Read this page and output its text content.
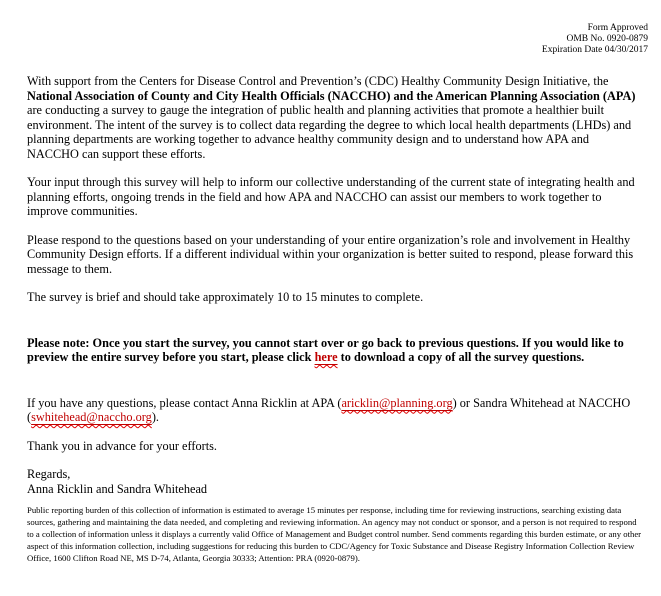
Form Approved
OMB No. 0920-0879
Expiration Date 04/30/2017

With support from the Centers for Disease Control and Prevention’s (CDC) Healthy Community Design Initiative, the National Association of County and City Health Officials (NACCHO) and the American Planning Association (APA) are conducting a survey to gauge the integration of public health and planning activities that promote a healthier built environment. The intent of the survey is to collect data regarding the degree to which local health departments (LHDs) and planning departments are working together to advance healthy community design and to understand how APA and NACCHO can support these efforts.

Your input through this survey will help to inform our collective understanding of the current state of integrating health and planning efforts, ongoing trends in the field and how APA and NACCHO can assist our members to work together to improve communities.

Please respond to the questions based on your understanding of your entire organization’s role and involvement in Healthy Community Design efforts. If a different individual within your organization is better suited to respond, please forward this message to them.

The survey is brief and should take approximately 10 to 15 minutes to complete.

Please note: Once you start the survey, you cannot start over or go back to previous questions. If you would like to preview the entire survey before you start, please click here to download a copy of all the survey questions.

If you have any questions, please contact Anna Ricklin at APA (aricklin@planning.org) or Sandra Whitehead at NACCHO (swhitehead@naccho.org).

Thank you in advance for your efforts.

Regards,

Anna Ricklin and Sandra Whitehead

Public reporting burden of this collection of information is estimated to average 15 minutes per response, including time for reviewing instructions, searching existing data sources, gathering and maintaining the data needed, and completing and reviewing information. An agency may not conduct or sponsor, and a person is not required to respond to a collection of information unless it displays a currently valid Office of Management and Budget control number. Send comments regarding this burden estimate, or any other aspect of this information collection, including suggestions for reducing this burden to CDC/Agency for Toxic Substance and Disease Registry Information Collection Review Office, 1600 Clifton Road NE, MS D-74, Atlanta, Georgia 30333; Attention: PRA (0920-0879).
